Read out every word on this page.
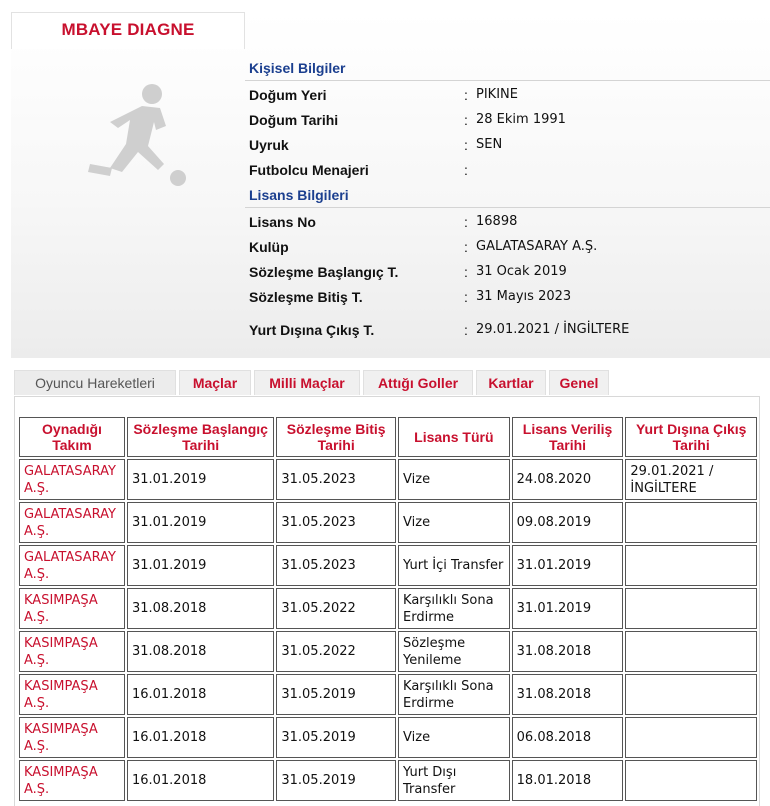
MBAYE DIAGNE
Kişisel Bilgiler
Doğum Yeri	: PIKINE
Doğum Tarihi	: 28 Ekim 1991
Uyruk	: SEN
Futbolcu Menajeri	:
Lisans Bilgileri
Lisans No	: 16898
Kulüp	: GALATASARAY A.Ş.
Sözleşme Başlangıç T.	: 31 Ocak 2019
Sözleşme Bitiş T.	: 31 Mayıs 2023
Yurt Dışına Çıkış T.	: 29.01.2021 / İNGİLTERE
Oyuncu Hareketleri	Maçlar	Milli Maçlar	Attığı Goller	Kartlar	Genel
Oynadığı Takım	Sözleşme Başlangıç Tarihi	Sözleşme Bitiş Tarihi	Lisans Türü	Lisans Veriliş Tarihi	Yurt Dışına Çıkış Tarihi
GALATASARAY A.Ş.	31.01.2019	31.05.2023	Vize	24.08.2020	29.01.2021 / İNGİLTERE
GALATASARAY A.Ş.	31.01.2019	31.05.2023	Vize	09.08.2019	
GALATASARAY A.Ş.	31.01.2019	31.05.2023	Yurt İçi Transfer	31.01.2019	
KASIMPAŞA A.Ş.	31.08.2018	31.05.2022	Karşılıklı Sona Erdirme	31.01.2019	
KASIMPAŞA A.Ş.	31.08.2018	31.05.2022	Sözleşme Yenileme	31.08.2018	
KASIMPAŞA A.Ş.	16.01.2018	31.05.2019	Karşılıklı Sona Erdirme	31.08.2018	
KASIMPAŞA A.Ş.	16.01.2018	31.05.2019	Vize	06.08.2018	
KASIMPAŞA A.Ş.	16.01.2018	31.05.2019	Yurt Dışı Transfer	18.01.2018	
